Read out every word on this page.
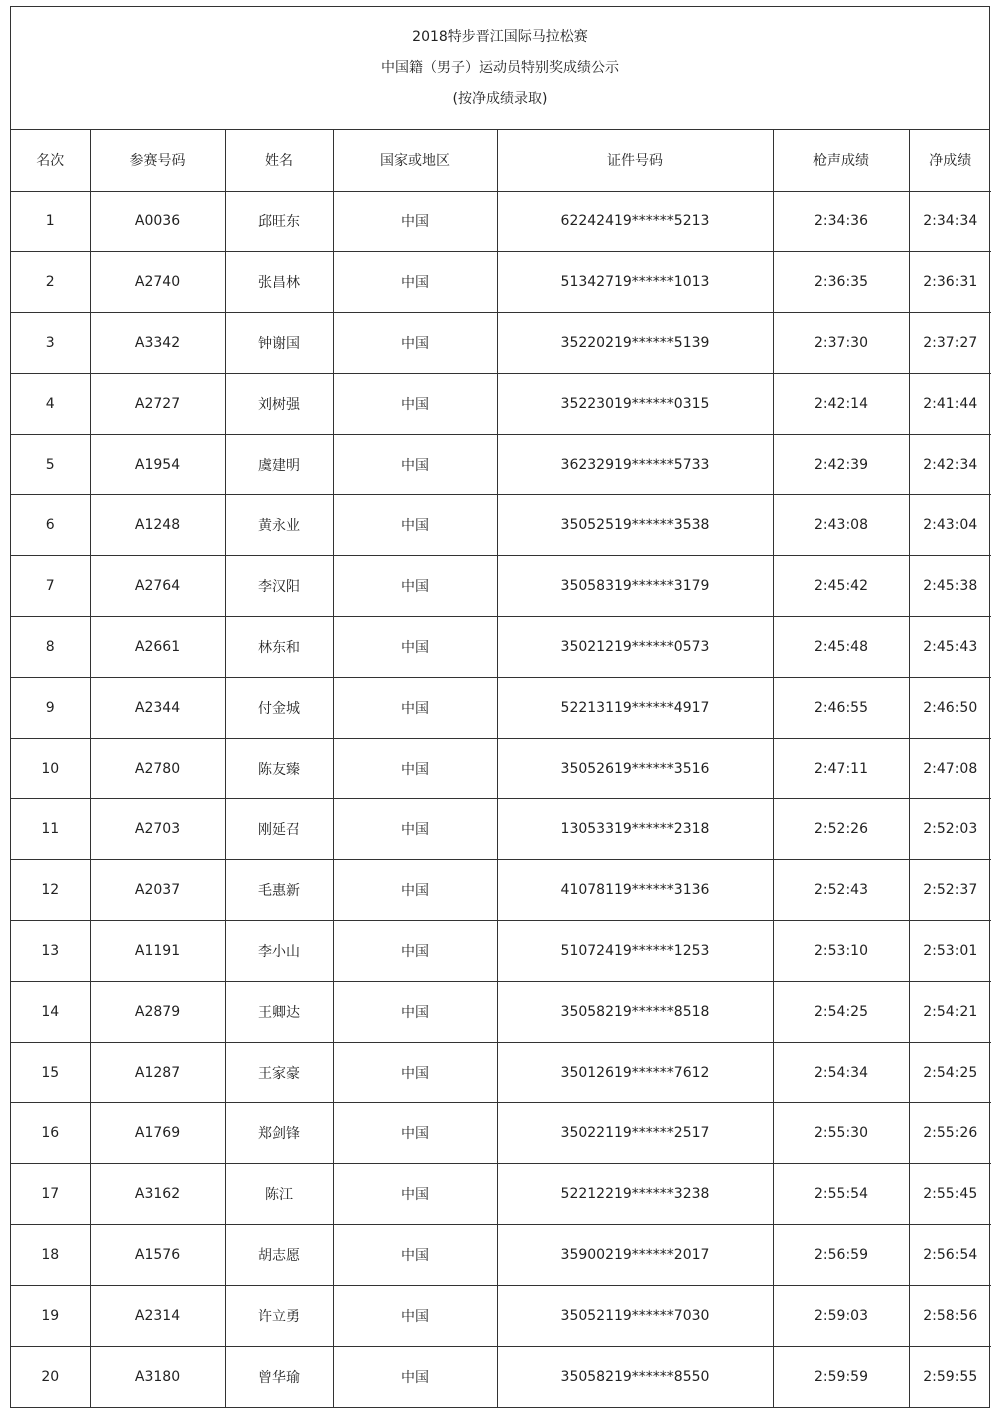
2018特步晋江国际马拉松赛
中国籍（男子）运动员特别奖成绩公示
(按净成绩录取)
名次	参赛号码	姓名	国家或地区	证件号码	枪声成绩	净成绩
1	A0036	邱旺东	中国	62242419******5213	2:34:36	2:34:34
2	A2740	张昌林	中国	51342719******1013	2:36:35	2:36:31
3	A3342	钟谢国	中国	35220219******5139	2:37:30	2:37:27
4	A2727	刘树强	中国	35223019******0315	2:42:14	2:41:44
5	A1954	虞建明	中国	36232919******5733	2:42:39	2:42:34
6	A1248	黄永业	中国	35052519******3538	2:43:08	2:43:04
7	A2764	李汉阳	中国	35058319******3179	2:45:42	2:45:38
8	A2661	林东和	中国	35021219******0573	2:45:48	2:45:43
9	A2344	付金城	中国	52213119******4917	2:46:55	2:46:50
10	A2780	陈友臻	中国	35052619******3516	2:47:11	2:47:08
11	A2703	刚延召	中国	13053319******2318	2:52:26	2:52:03
12	A2037	毛惠新	中国	41078119******3136	2:52:43	2:52:37
13	A1191	李小山	中国	51072419******1253	2:53:10	2:53:01
14	A2879	王卿达	中国	35058219******8518	2:54:25	2:54:21
15	A1287	王家豪	中国	35012619******7612	2:54:34	2:54:25
16	A1769	郑剑锋	中国	35022119******2517	2:55:30	2:55:26
17	A3162	陈江	中国	52212219******3238	2:55:54	2:55:45
18	A1576	胡志愿	中国	35900219******2017	2:56:59	2:56:54
19	A2314	许立勇	中国	35052119******7030	2:59:03	2:58:56
20	A3180	曾华瑜	中国	35058219******8550	2:59:59	2:59:55
